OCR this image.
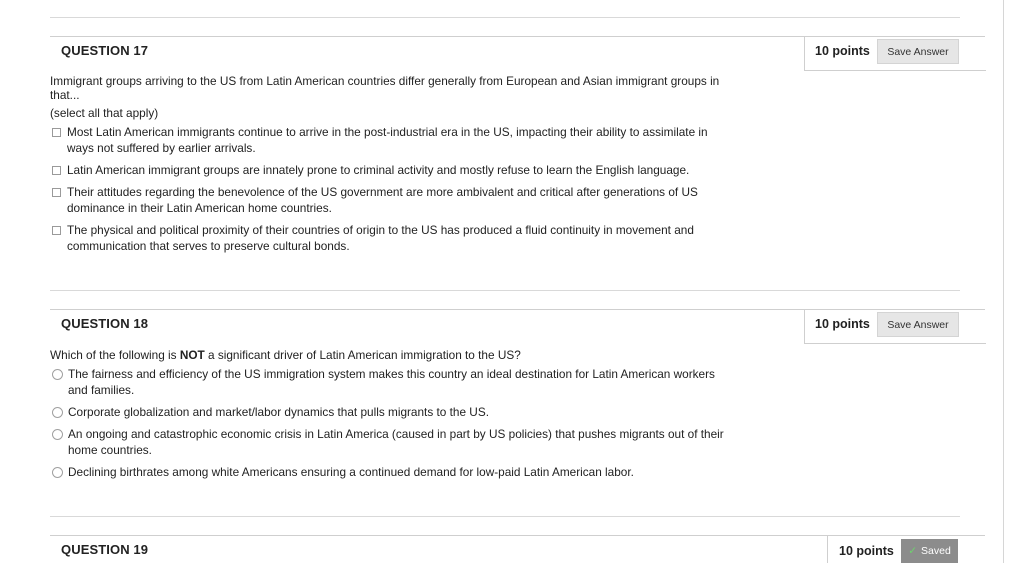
QUESTION 17	10 points	Save Answer
Immigrant groups arriving to the US from Latin American countries differ generally from European and Asian immigrant groups in
that...
(select all that apply)
Most Latin American immigrants continue to arrive in the post-industrial era in the US, impacting their ability to assimilate in
ways not suffered by earlier arrivals.
Latin American immigrant groups are innately prone to criminal activity and mostly refuse to learn the English language.
Their attitudes regarding the benevolence of the US government are more ambivalent and critical after generations of US
dominance in their Latin American home countries.
The physical and political proximity of their countries of origin to the US has produced a fluid continuity in movement and
communication that serves to preserve cultural bonds.
QUESTION 18	10 points	Save Answer
Which of the following is NOT a significant driver of Latin American immigration to the US?
The fairness and efficiency of the US immigration system makes this country an ideal destination for Latin American workers
and families.
Corporate globalization and market/labor dynamics that pulls migrants to the US.
An ongoing and catastrophic economic crisis in Latin America (caused in part by US policies) that pushes migrants out of their
home countries.
Declining birthrates among white Americans ensuring a continued demand for low-paid Latin American labor.
QUESTION 19	10 points	✓ Saved
